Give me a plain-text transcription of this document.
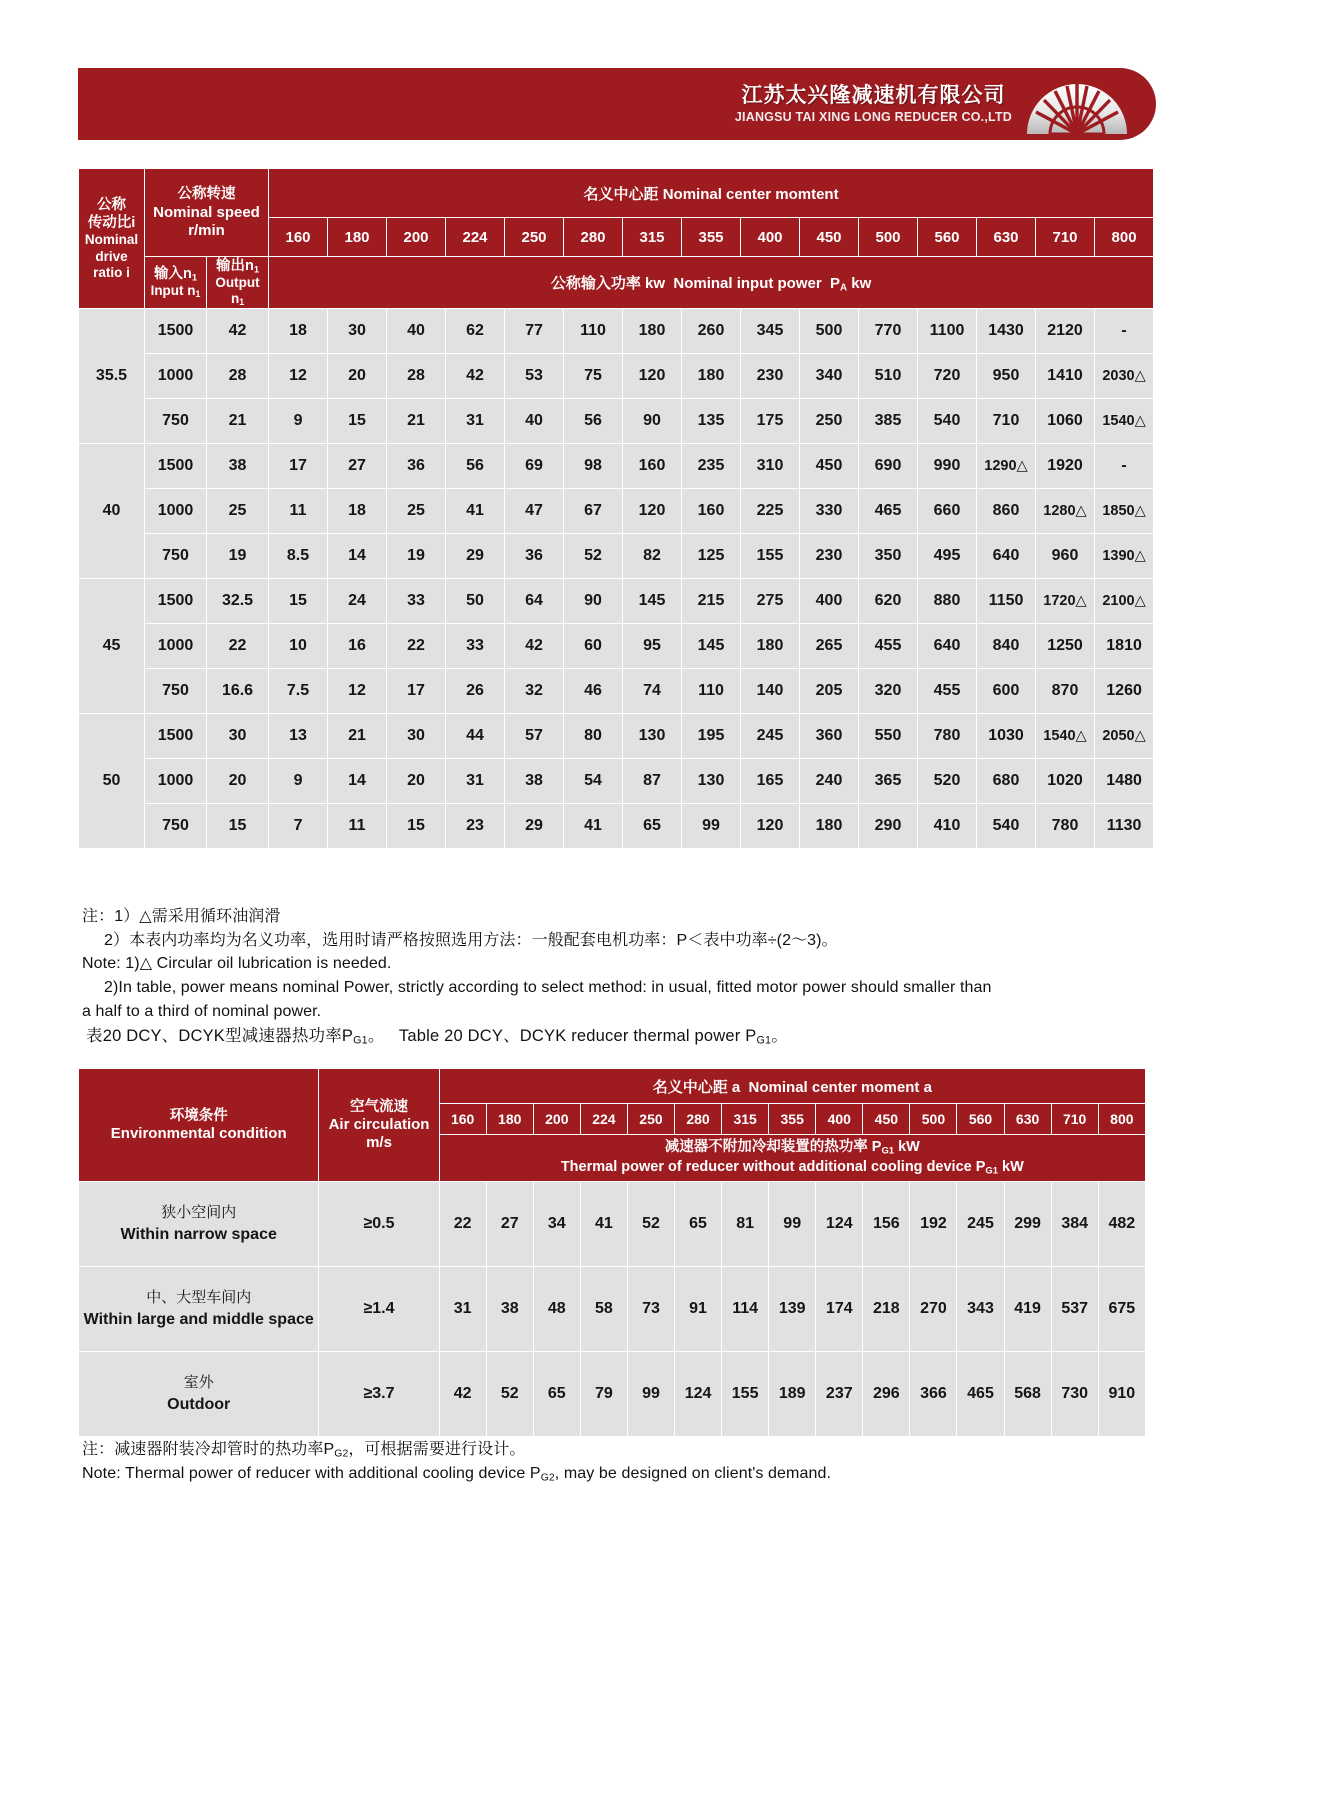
江苏太兴隆减速机有限公司
JIANGSU TAI XING LONG REDUCER CO.,LTD
公称
传动比i
Nominal
drive
ratio i	公称转速
Nominal speed
r/min		名义中心距 Nominal center momtent														
			160	180	200	224	250	280	315	355	400	450	500	560	630	710	800

	输入$n_1$
Input $n_1$	输出$n_1$
Output
$n_1$	公称输入功率 kw  Nominal input power  $P_A$ kw														
35.5	1500	42	18	30	40	62	77	110	180	260	345	500	770	1100	1430	2120	-
	1000	28	12	20	28	42	53	75	120	180	230	340	510	720	950	1410	2030△
	750	21	9	15	21	31	40	56	90	135	175	250	385	540	710	1060	1540△
40	1500	38	17	27	36	56	69	98	160	235	310	450	690	990	1290△	1920	-
	1000	25	11	18	25	41	47	67	120	160	225	330	465	660	860	1280△	1850△
	750	19	8.5	14	19	29	36	52	82	125	155	230	350	495	640	960	1390△
45	1500	32.5	15	24	33	50	64	90	145	215	275	400	620	880	1150	1720△	2100△
	1000	22	10	16	22	33	42	60	95	145	180	265	455	640	840	1250	1810
	750	16.6	7.5	12	17	26	32	46	74	110	140	205	320	455	600	870	1260
50	1500	30	13	21	30	44	57	80	130	195	245	360	550	780	1030	1540△	2050△
	1000	20	9	14	20	31	38	54	87	130	165	240	365	520	680	1020	1480
	750	15	7	11	15	23	29	41	65	99	120	180	290	410	540	780	1130

注：1）△需采用循环油润滑

2）本表内功率均为名义功率，选用时请严格按照选用方法：一般配套电机功率：P＜表中功率÷(2～3)。

Note: 1)△ Circular oil lubrication is needed.

2)In table, power means nominal Power, strictly according to select method: in usual, fitted motor power should smaller than

a half to a third of nominal power.

表20 DCY、DCYK型减速器热功率$P_{G1}$。 Table 20 DCY、DCYK reducer thermal power $P_{G1}$。
环境条件
Environmental condition	空气流速
Air circulation
m/s	名义中心距 a  Nominal center moment a														
		160	180	200	224	250	280	315	355	400	450	500	560	630	710	800

		减速器不附加冷却装置的热功率 $P_{G1}$ kW
Thermal power of reducer without additional cooling device $P_{G1}$ kW														

狭小空间内
Within narrow space	≥0.5	22	27	34	41	52	65	81	99	124	156	192	245	299	384	482

中、大型车间内
Within large and middle space	≥1.4	31	38	48	58	73	91	114	139	174	218	270	343	419	537	675

室外
Outdoor	≥3.7	42	52	65	79	99	124	155	189	237	296	366	465	568	730	910

注：减速器附装冷却管时的热功率$P_{G2}$，可根据需要进行设计。

Note: Thermal power of reducer with additional cooling device $P_{G2}$, may be designed on client's demand.
